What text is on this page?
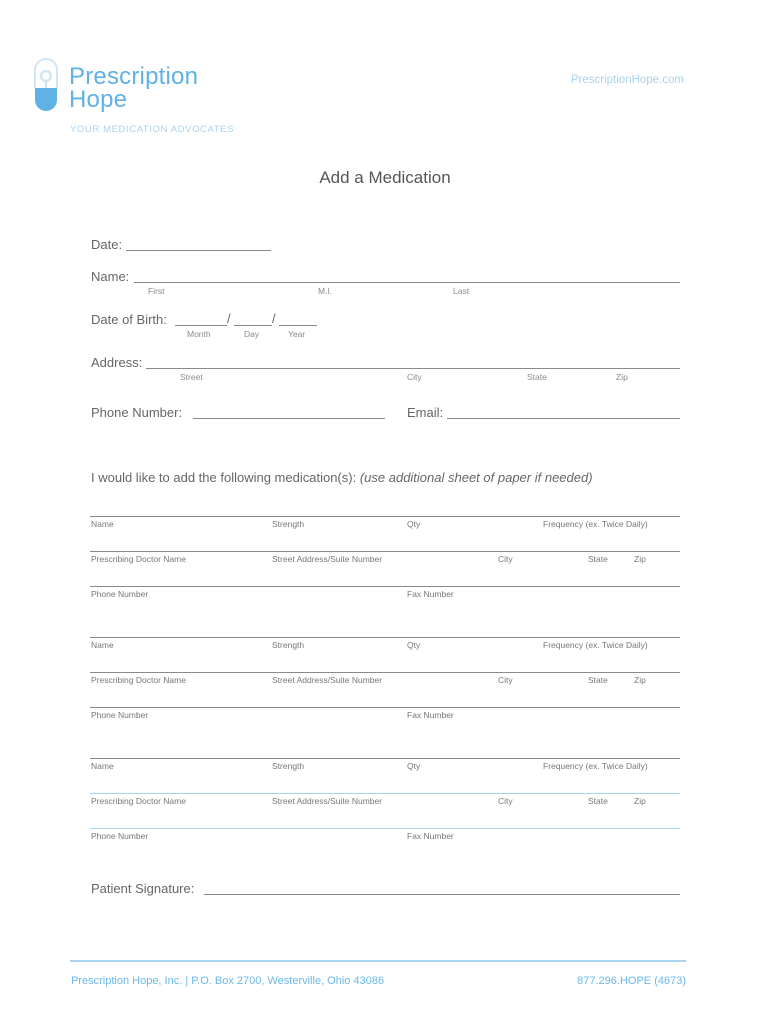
Prescription
Hope
YOUR MEDICATION ADVOCATES
PrescriptionHope.com
Add a Medication
Date:
Name:
First	M.I.	Last
Date of Birth:	/	/
Month	Day	Year
Address:
Street	City	State	Zip
Phone Number:	Email:
I would like to add the following medication(s): (use additional sheet of paper if needed)
Name	Strength	Qty	Frequency (ex. Twice Daily)
Prescribing Doctor Name	Street Address/Suite Number	City	State	Zip
Phone Number	Fax Number
Name	Strength	Qty	Frequency (ex. Twice Daily)
Prescribing Doctor Name	Street Address/Suite Number	City	State	Zip
Phone Number	Fax Number
Name	Strength	Qty	Frequency (ex. Twice Daily)
Prescribing Doctor Name	Street Address/Suite Number	City	State	Zip
Phone Number	Fax Number
Patient Signature:
Prescription Hope, Inc. | P.O. Box 2700, Westerville, Ohio 43086	877.296.HOPE (4673)
